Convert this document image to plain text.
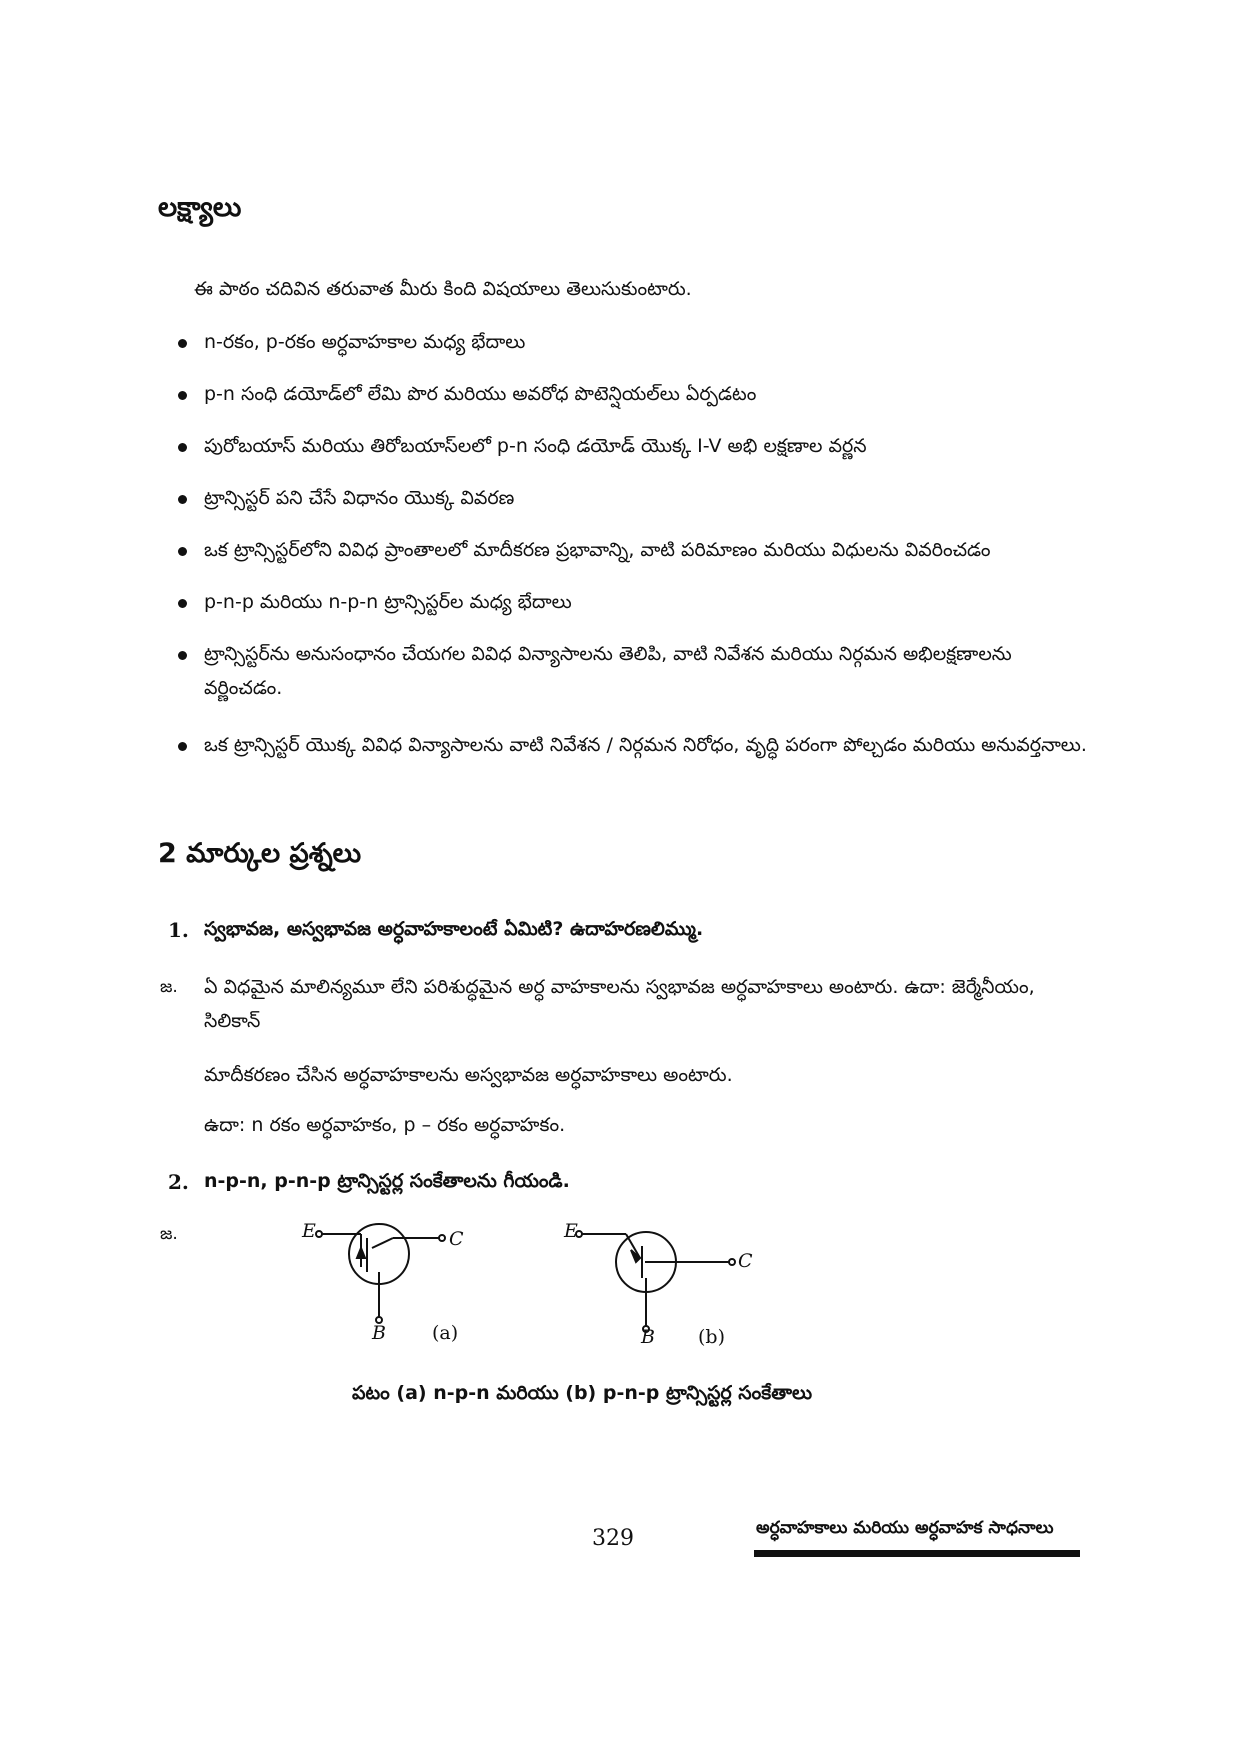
లక్ష్యాలు
ఈ పాఠం చదివిన తరువాత మీరు కింది విషయాలు తెలుసుకుంటారు.
n-రకం, p-రకం అర్ధవాహకాల మధ్య భేదాలు
p-n సంధి డయోడ్‌లో లేమి పొర మరియు అవరోధ పొటెన్షియల్‌లు ఏర్పడటం
పురోబయాస్ మరియు తిరోబయాస్‌లలో p-n సంధి డయోడ్ యొక్క I-V అభి లక్షణాల వర్ణన
ట్రాన్సిస్టర్ పని చేసే విధానం యొక్క వివరణ
ఒక ట్రాన్సిస్టర్‌లోని వివిధ ప్రాంతాలలో మాదీకరణ ప్రభావాన్ని, వాటి పరిమాణం మరియు విధులను వివరించడం
p-n-p మరియు n-p-n ట్రాన్సిస్టర్‌ల మధ్య భేదాలు
ట్రాన్సిస్టర్‌ను అనుసంధానం చేయగల వివిధ విన్యాసాలను తెలిపి, వాటి నివేశన మరియు నిర్గమన అభిలక్షణాలను వర్ణించడం.
ఒక ట్రాన్సిస్టర్ యొక్క వివిధ విన్యాసాలను వాటి నివేశన / నిర్గమన నిరోధం, వృద్ధి పరంగా పోల్చడం మరియు అనువర్తనాలు.
2 మార్కుల ప్రశ్నలు
1. స్వభావజ, అస్వభావజ అర్ధవాహకాలంటే ఏమిటి? ఉదాహరణలిమ్ము.
జ. ఏ విధమైన మాలిన్యమూ లేని పరిశుద్ధమైన అర్ధ వాహకాలను స్వభావజ అర్ధవాహకాలు అంటారు. ఉదా: జెర్మేనీయం, సిలికాన్
మాదీకరణం చేసిన అర్ధవాహకాలను అస్వభావజ అర్ధవాహకాలు అంటారు.
ఉదా: n రకం అర్ధవాహకం, p – రకం అర్ధవాహకం.
2. n-p-n, p-n-p ట్రాన్సిస్టర్ల సంకేతాలను గీయండి.
జ.	E	C
B (a)
E
C
B (b)
పటం (a) n-p-n మరియు (b) p-n-p ట్రాన్సిస్టర్ల సంకేతాలు
329	అర్ధవాహకాలు మరియు అర్ధవాహక సాధనాలు
